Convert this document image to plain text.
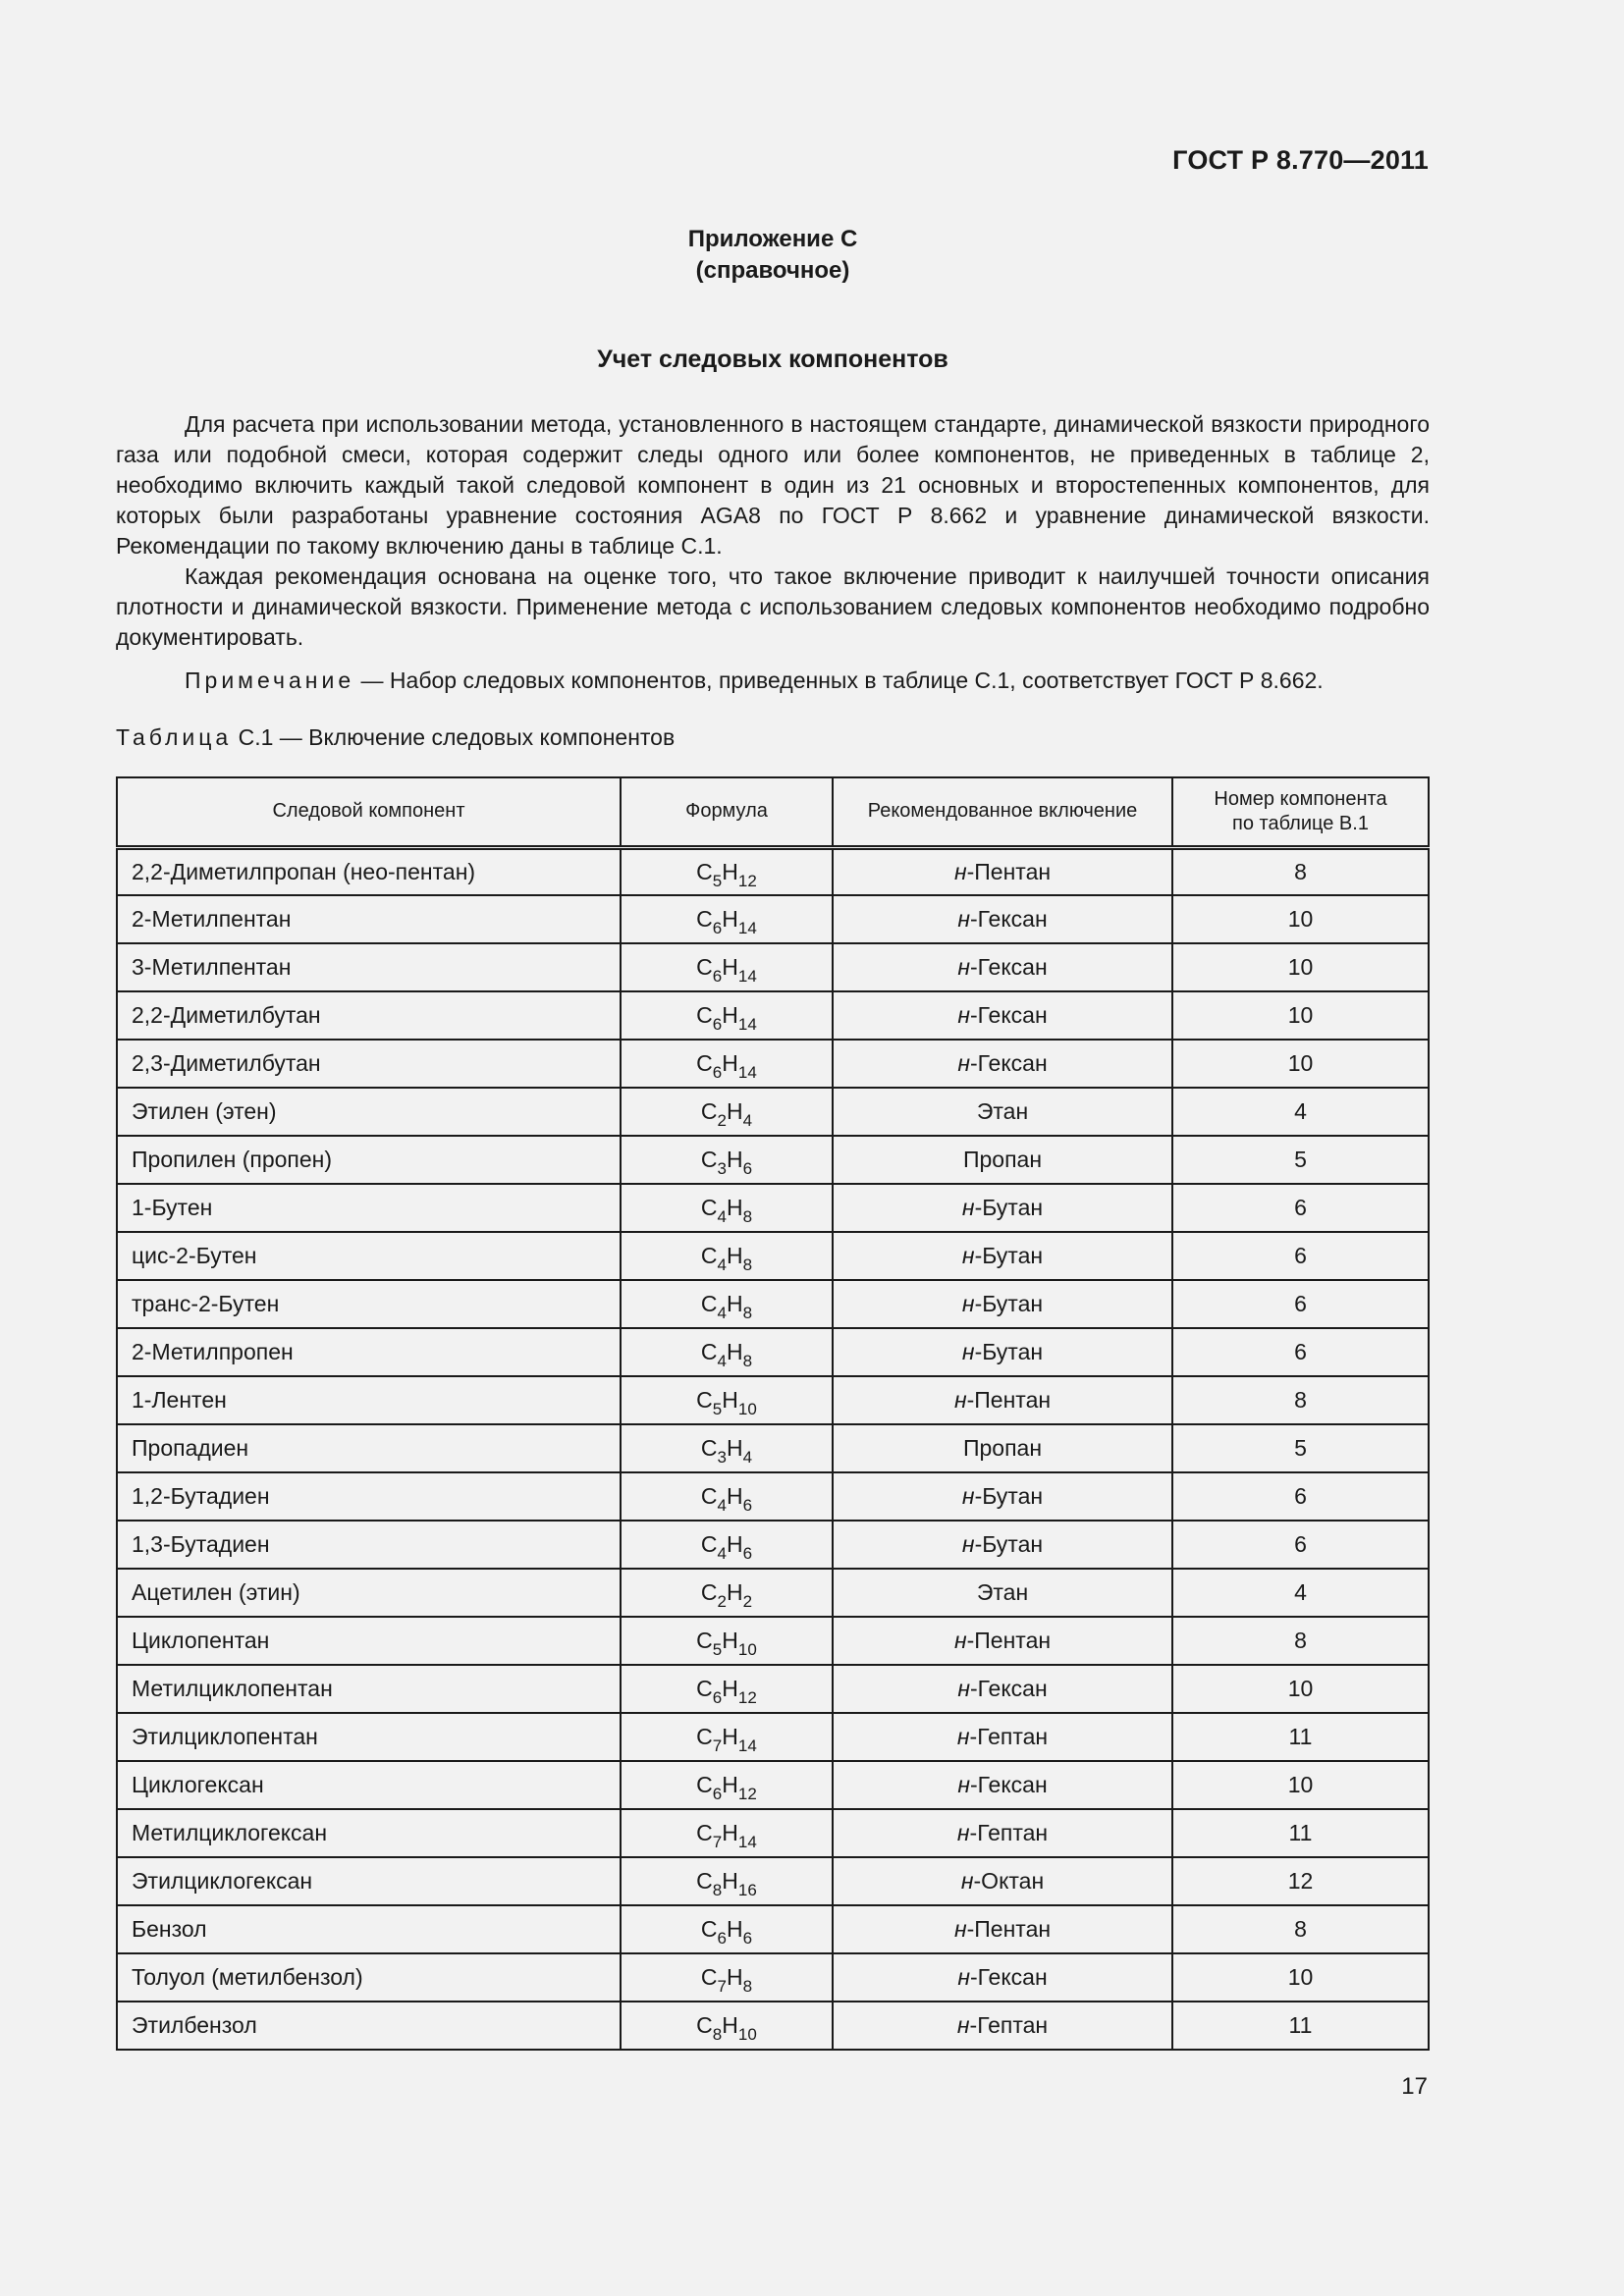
ГОСТ Р 8.770—2011
Приложение С
(справочное)
Учет следовых компонентов

Для расчета при использовании метода, установленного в настоящем стандарте, динамической вязкости природного газа или подобной смеси, которая содержит следы одного или более компонентов, не приведенных в таблице 2, необходимо включить каждый такой следовой компонент в один из 21 основных и второстепенных компонентов, для которых были разработаны уравнение состояния AGA8 по ГОСТ Р 8.662 и уравнение динамической вязкости. Рекомендации по такому включению даны в таблице С.1.

Каждая рекомендация основана на оценке того, что такое включение приводит к наилучшей точности описания плотности и динамической вязкости. Применение метода с использованием следовых компонентов необходимо подробно документировать.

Примечание — Набор следовых компонентов, приведенных в таблице С.1, соответствует ГОСТ Р 8.662.
Таблица С.1 — Включение следовых компонентов
Следовой компонент	Формула	Рекомендованное включение	Номер компонента
по таблице В.1

2,2-Диметилпропан (нео-пентан)	$C_5H_{12}$	н-Пентан	8
2-Метилпентан	$C_6H_{14}$	н-Гексан	10
3-Метилпентан	$C_6H_{14}$	н-Гексан	10
2,2-Диметилбутан	$C_6H_{14}$	н-Гексан	10
2,3-Диметилбутан	$C_6H_{14}$	н-Гексан	10
Этилен (этен)	$C_2H_4$	Этан	4
Пропилен (пропен)	$C_3H_6$	Пропан	5
1-Бутен	$C_4H_8$	н-Бутан	6
цис-2-Бутен	$C_4H_8$	н-Бутан	6
транс-2-Бутен	$C_4H_8$	н-Бутан	6
2-Метилпропен	$C_4H_8$	н-Бутан	6
1-Лентен	$C_5H_{10}$	н-Пентан	8
Пропадиен	$C_3H_4$	Пропан	5
1,2-Бутадиен	$C_4H_6$	н-Бутан	6
1,3-Бутадиен	$C_4H_6$	н-Бутан	6
Ацетилен (этин)	$C_2H_2$	Этан	4
Циклопентан	$C_5H_{10}$	н-Пентан	8
Метилциклопентан	$C_6H_{12}$	н-Гексан	10
Этилциклопентан	$C_7H_{14}$	н-Гептан	11
Циклогексан	$C_6H_{12}$	н-Гексан	10
Метилциклогексан	$C_7H_{14}$	н-Гептан	11
Этилциклогексан	$C_8H_{16}$	н-Октан	12
Бензол	$C_6H_6$	н-Пентан	8
Толуол (метилбензол)	$C_7H_8$	н-Гексан	10
Этилбензол	$C_8H_{10}$	н-Гептан	11
17
